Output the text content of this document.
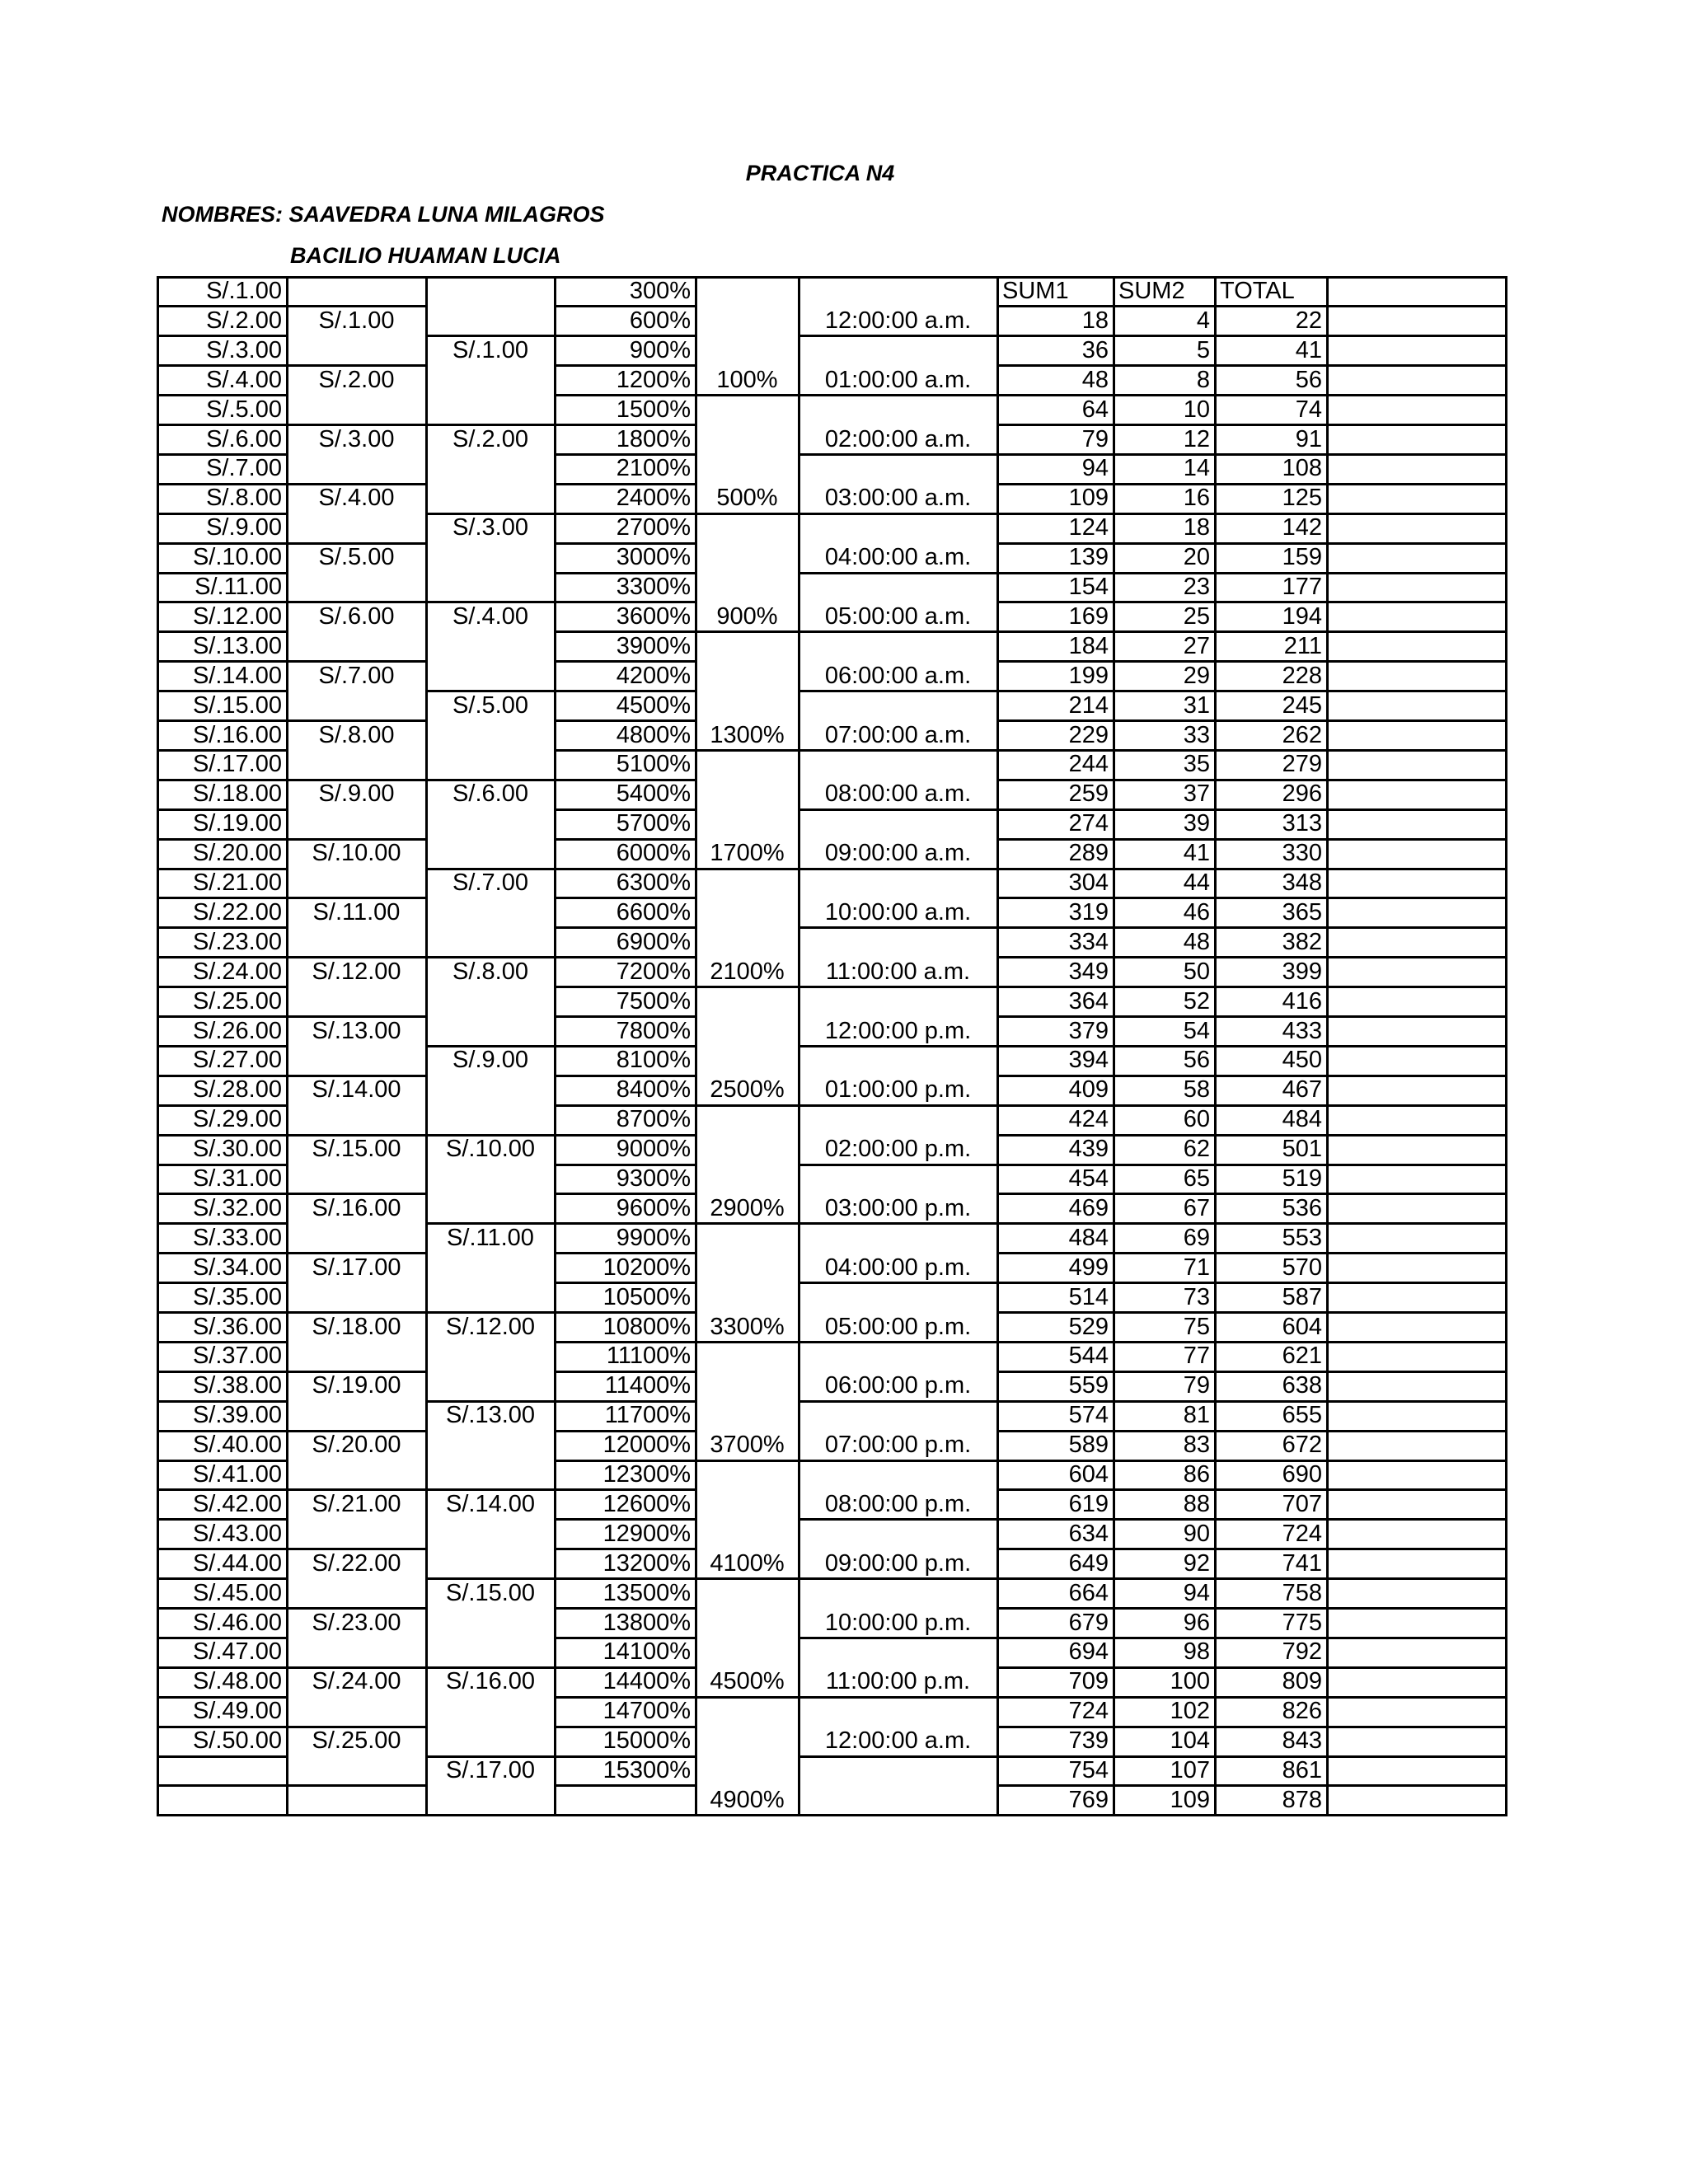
PRACTICA N4
NOMBRES: SAAVEDRA LUNA MILAGROS
BACILIO HUAMAN LUCIA
S/.1.00
S/.2.00
S/.3.00
S/.4.00
S/.5.00
S/.6.00
S/.7.00
S/.8.00
S/.9.00
S/.10.00
S/.11.00
S/.12.00
S/.13.00
S/.14.00
S/.15.00
S/.16.00
S/.17.00
S/.18.00
S/.19.00
S/.20.00
S/.21.00
S/.22.00
S/.23.00
S/.24.00
S/.25.00
S/.26.00
S/.27.00
S/.28.00
S/.29.00
S/.30.00
S/.31.00
S/.32.00
S/.33.00
S/.34.00
S/.35.00
S/.36.00
S/.37.00
S/.38.00
S/.39.00
S/.40.00
S/.41.00
S/.42.00
S/.43.00
S/.44.00
S/.45.00
S/.46.00
S/.47.00
S/.48.00
S/.49.00
S/.50.00
S/.1.00
S/.2.00
S/.3.00
S/.4.00
S/.5.00
S/.6.00
S/.7.00
S/.8.00
S/.9.00
S/.10.00
S/.11.00
S/.12.00
S/.13.00
S/.14.00
S/.15.00
S/.16.00
S/.17.00
S/.18.00
S/.19.00
S/.20.00
S/.21.00
S/.22.00
S/.23.00
S/.24.00
S/.25.00
S/.1.00
S/.2.00
S/.3.00
S/.4.00
S/.5.00
S/.6.00
S/.7.00
S/.8.00
S/.9.00
S/.10.00
S/.11.00
S/.12.00
S/.13.00
S/.14.00
S/.15.00
S/.16.00
S/.17.00
300%
600%
900%
1200%
1500%
1800%
2100%
2400%
2700%
3000%
3300%
3600%
3900%
4200%
4500%
4800%
5100%
5400%
5700%
6000%
6300%
6600%
6900%
7200%
7500%
7800%
8100%
8400%
8700%
9000%
9300%
9600%
9900%
10200%
10500%
10800%
11100%
11400%
11700%
12000%
12300%
12600%
12900%
13200%
13500%
13800%
14100%
14400%
14700%
15000%
15300%
100%
500%
900%
1300%
1700%
2100%
2500%
2900%
3300%
3700%
4100%
4500%
4900%
12:00:00 a.m.
01:00:00 a.m.
02:00:00 a.m.
03:00:00 a.m.
04:00:00 a.m.
05:00:00 a.m.
06:00:00 a.m.
07:00:00 a.m.
08:00:00 a.m.
09:00:00 a.m.
10:00:00 a.m.
11:00:00 a.m.
12:00:00 p.m.
01:00:00 p.m.
02:00:00 p.m.
03:00:00 p.m.
04:00:00 p.m.
05:00:00 p.m.
06:00:00 p.m.
07:00:00 p.m.
08:00:00 p.m.
09:00:00 p.m.
10:00:00 p.m.
11:00:00 p.m.
12:00:00 a.m.
SUM1	SUM2	TOTAL
18
36
48
64
79
94
109
124
139
154
169
184
199
214
229
244
259
274
289
304
319
334
349
364
379
394
409
424
439
454
469
484
499
514
529
544
559
574
589
604
619
634
649
664
679
694
709
724
739
754
769
4
5
8
10
12
14
16
18
20
23
25
27
29
31
33
35
37
39
41
44
46
48
50
52
54
56
58
60
62
65
67
69
71
73
75
77
79
81
83
86
88
90
92
94
96
98
100
102
104
107
109
22
41
56
74
91
108
125
142
159
177
194
211
228
245
262
279
296
313
330
348
365
382
399
416
433
450
467
484
501
519
536
553
570
587
604
621
638
655
672
690
707
724
741
758
775
792
809
826
843
861
878
